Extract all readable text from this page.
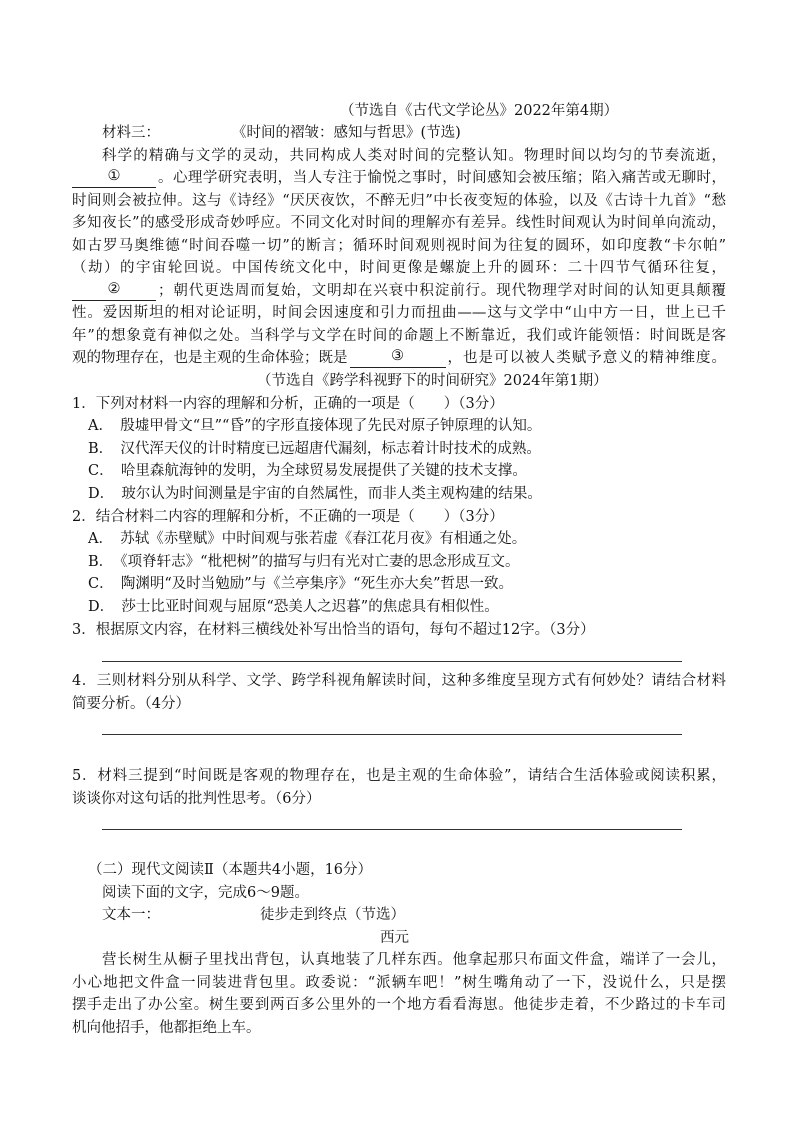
（节选自《古代文学论丛》2022年第4期）
材料三：	《时间的褶皱：感知与哲思》(节选)
科学的精确与文学的灵动，共同构成人类对时间的完整认知。物理时间以均匀的节奏流逝，
①	。心理学研究表明，当人专注于愉悦之事时，时间感知会被压缩；陷入痛苦或无聊时，
时间则会被拉伸。这与《诗经》“厌厌夜饮，不醉无归”中长夜变短的体验，以及《古诗十九首》“愁
多知夜长”的感受形成奇妙呼应。不同文化对时间的理解亦有差异。线性时间观认为时间单向流动，
如古罗马奥维德“时间吞噬一切”的断言；循环时间观则视时间为往复的圆环，如印度教“卡尔帕”
（劫）的宇宙轮回说。中国传统文化中，时间更像是螺旋上升的圆环：二十四节气循环往复，
②	；朝代更迭周而复始，文明却在兴衰中积淀前行。现代物理学对时间的认知更具颠覆
性。爱因斯坦的相对论证明，时间会因速度和引力而扭曲——这与文学中“山中方一日，世上已千
年”的想象竟有神似之处。当科学与文学在时间的命题上不断靠近，我们或许能领悟：时间既是客
观的物理存在，也是主观的生命体验；既是	③	，也是可以被人类赋予意义的精神维度。
（节选自《跨学科视野下的时间研究》2024年第1期）
1．下列对材料一内容的理解和分析，正确的一项是（　　）（3分）
A．　殷墟甲骨文“旦”“昏”的字形直接体现了先民对原子钟原理的认知。
B．　汉代浑天仪的计时精度已远超唐代漏刻，标志着计时技术的成熟。
C．　哈里森航海钟的发明，为全球贸易发展提供了关键的技术支撑。
D．　玻尔认为时间测量是宇宙的自然属性，而非人类主观构建的结果。
2．结合材料二内容的理解和分析，不正确的一项是（　　）（3分）
A．　苏轼《赤壁赋》中时间观与张若虚《春江花月夜》有相通之处。
B．　《项脊轩志》“枇杷树”的描写与归有光对亡妻的思念形成互文。
C．　陶渊明“及时当勉励”与《兰亭集序》“死生亦大矣”哲思一致。
D．　莎士比亚时间观与屈原“恐美人之迟暮”的焦虑具有相似性。
3．根据原文内容，在材料三横线处补写出恰当的语句，每句不超过12字。（3分）
4．三则材料分别从科学、文学、跨学科视角解读时间，这种多维度呈现方式有何妙处？请结合材料
简要分析。（4分）
5．材料三提到“时间既是客观的物理存在，也是主观的生命体验”，请结合生活体验或阅读积累，
谈谈你对这句话的批判性思考。（6分）
（二）现代文阅读Ⅱ（本题共4小题，16分）
阅读下面的文字，完成6～9题。
文本一：	徒步走到终点（节选）
西元
营长树生从橱子里找出背包，认真地装了几样东西。他拿起那只布面文件盒，端详了一会儿，
小心地把文件盒一同装进背包里。政委说：“派辆车吧！”树生嘴角动了一下，没说什么，只是摆
摆手走出了办公室。树生要到两百多公里外的一个地方看看海崽。他徒步走着，不少路过的卡车司
机向他招手，他都拒绝上车。
